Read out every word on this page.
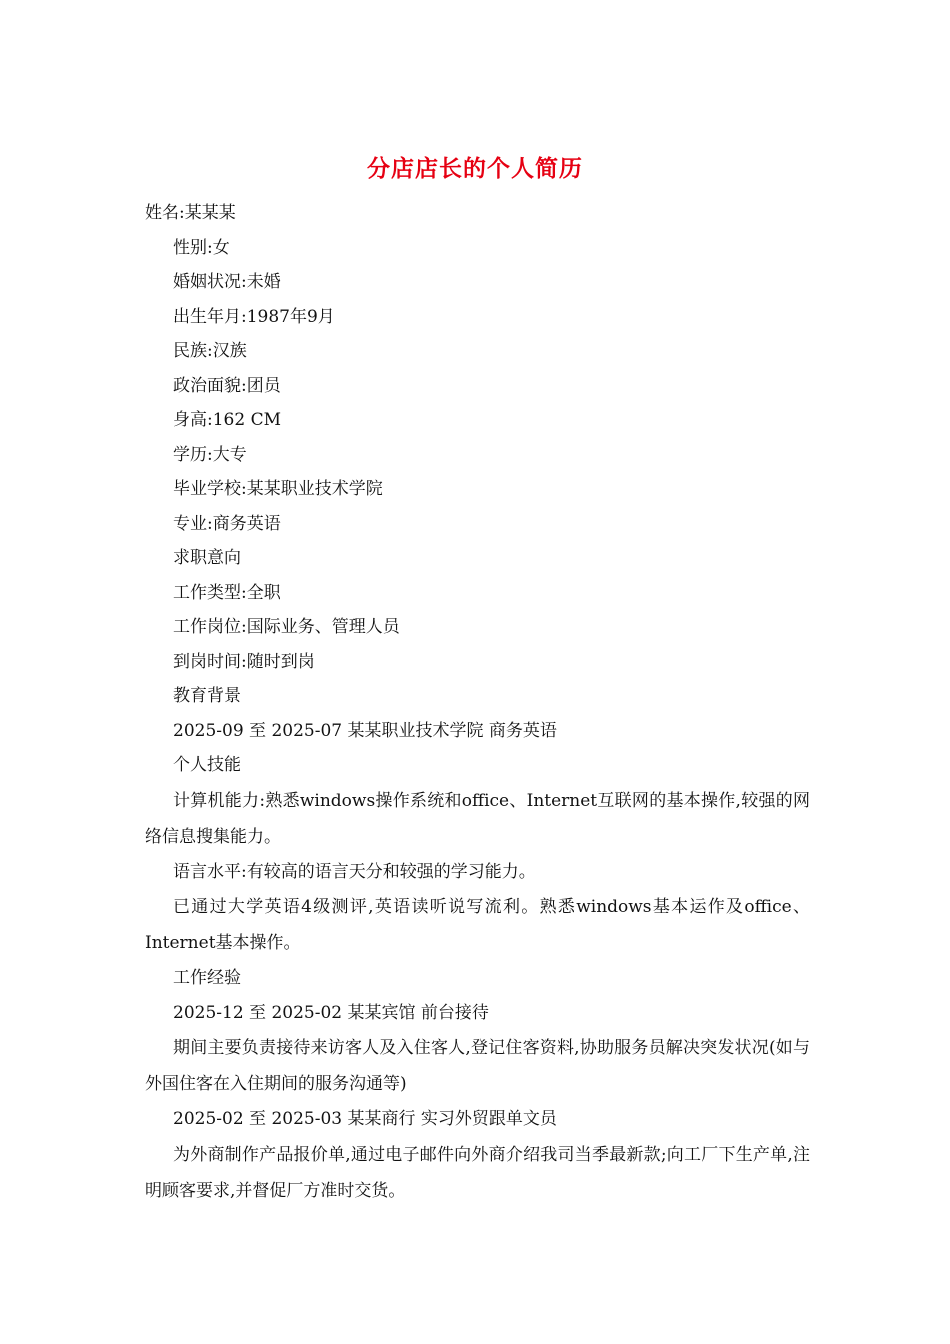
分店店长的个人简历

姓名:某某某

性别:女

婚姻状况:未婚

出生年月:1987年9月

民族:汉族

政治面貌:团员

身高:162 CM

学历:大专

毕业学校:某某职业技术学院

专业:商务英语

求职意向

工作类型:全职

工作岗位:国际业务、管理人员

到岗时间:随时到岗

教育背景

2025-09 至 2025-07 某某职业技术学院 商务英语

个人技能

计算机能力:熟悉windows操作系统和office、Internet互联网的基本操作,较强的网络信息搜集能力。

语言水平:有较高的语言天分和较强的学习能力。

已通过大学英语4级测评,英语读听说写流利。熟悉windows基本运作及office、Internet基本操作。

工作经验

2025-12 至 2025-02 某某宾馆 前台接待

期间主要负责接待来访客人及入住客人,登记住客资料,协助服务员解决突发状况(如与外国住客在入住期间的服务沟通等)

2025-02 至 2025-03 某某商行 实习外贸跟单文员

为外商制作产品报价单,通过电子邮件向外商介绍我司当季最新款;向工厂下生产单,注明顾客要求,并督促厂方准时交货。
